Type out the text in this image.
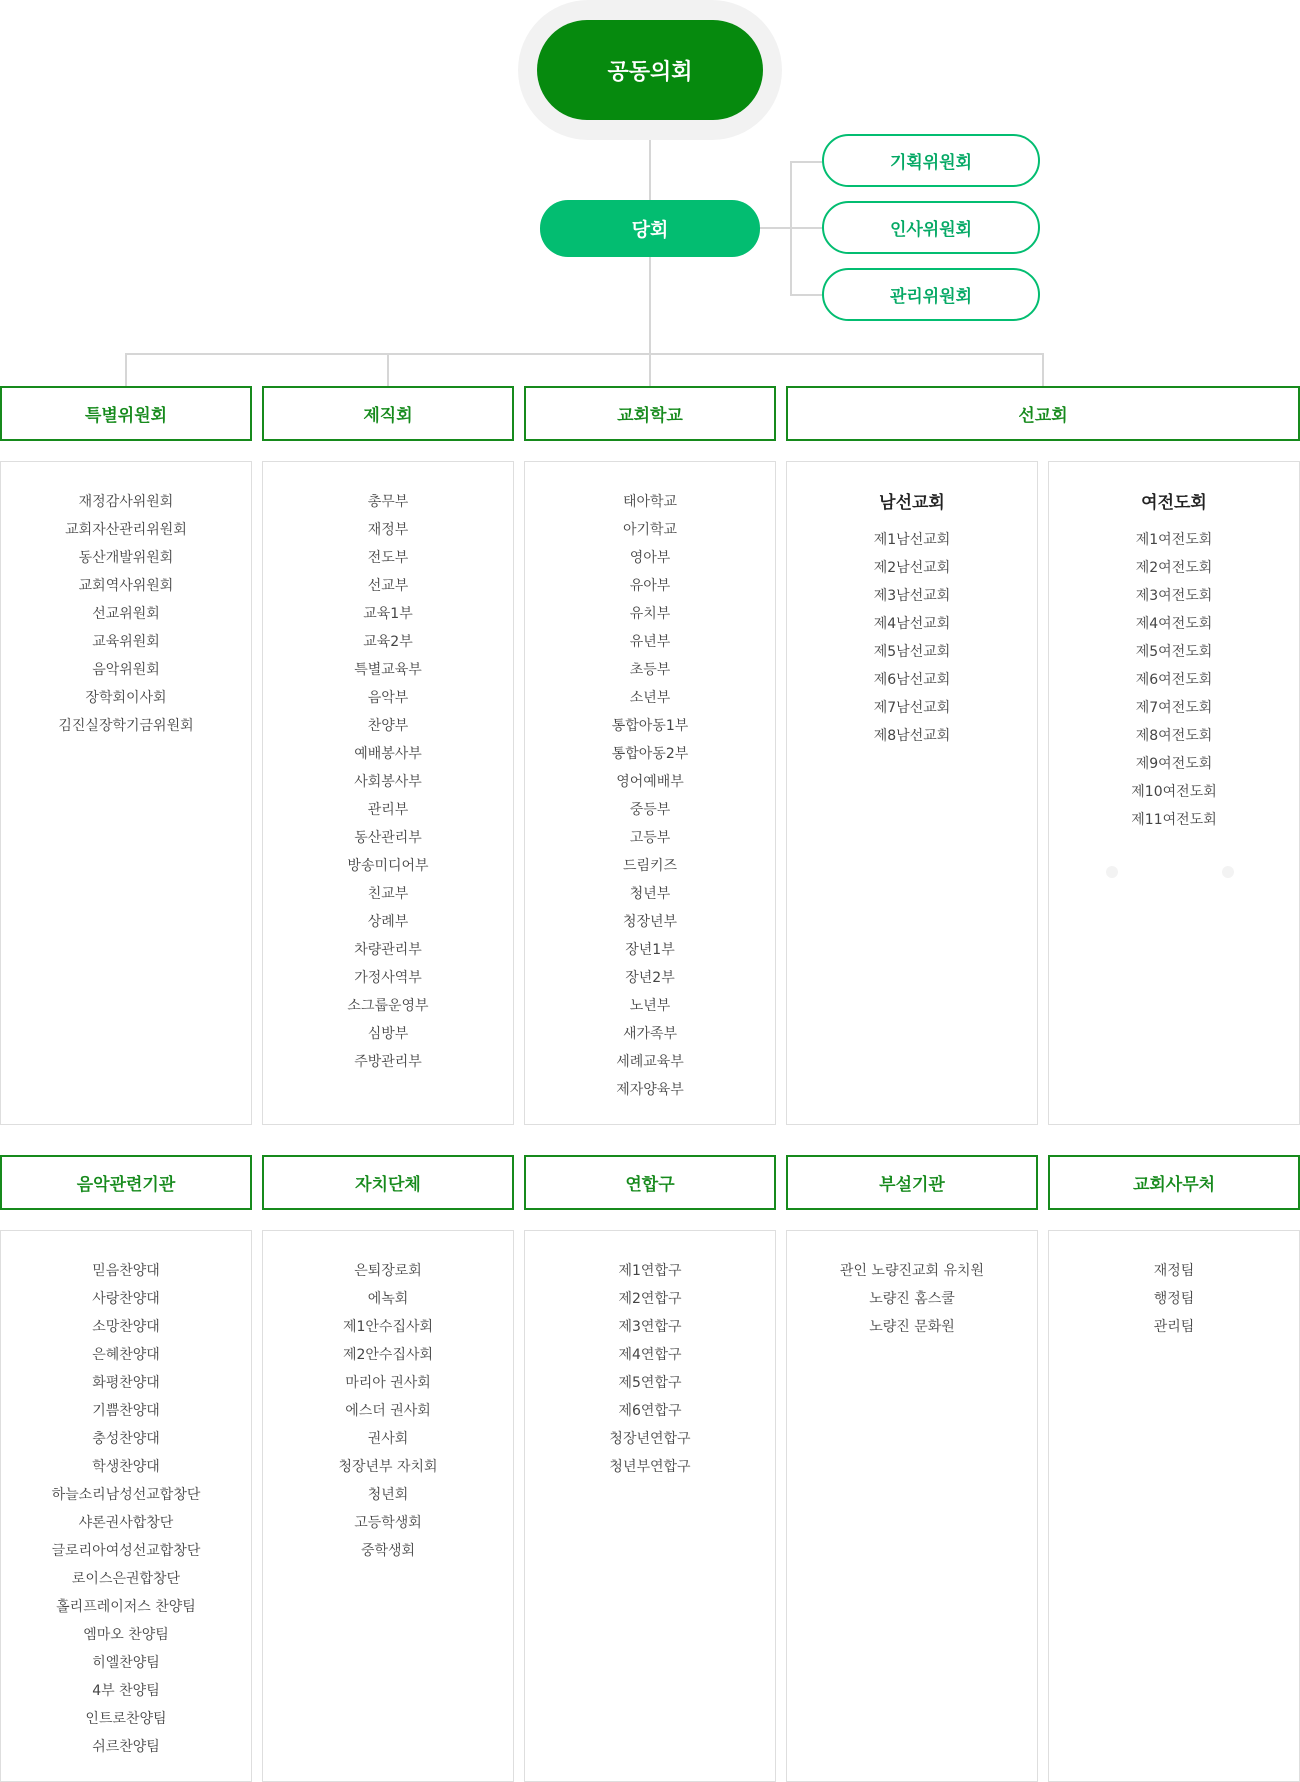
공동의회
당회
기획위원회
인사위원회
관리위원회
특별위원회	제직회	교회학교	선교회
재정감사위원회
교회자산관리위원회
동산개발위원회
교회역사위원회
선교위원회
교육위원회
음악위원회
장학회이사회
김진실장학기금위원회
총무부
재정부
전도부
선교부
교육1부
교육2부
특별교육부
음악부
찬양부
예배봉사부
사회봉사부
관리부
동산관리부
방송미디어부
친교부
상례부
차량관리부
가정사역부
소그룹운영부
심방부
주방관리부
태아학교
아기학교
영아부
유아부
유치부
유년부
초등부
소년부
통합아동1부
통합아동2부
영어예배부
중등부
고등부
드림키즈
청년부
청장년부
장년1부
장년2부
노년부
새가족부
세례교육부
제자양육부
남선교회
제1남선교회
제2남선교회
제3남선교회
제4남선교회
제5남선교회
제6남선교회
제7남선교회
제8남선교회
여전도회
제1여전도회
제2여전도회
제3여전도회
제4여전도회
제5여전도회
제6여전도회
제7여전도회
제8여전도회
제9여전도회
제10여전도회
제11여전도회
음악관련기관	자치단체	연합구	부설기관	교회사무처
믿음찬양대
사랑찬양대
소망찬양대
은혜찬양대
화평찬양대
기쁨찬양대
충성찬양대
학생찬양대
하늘소리남성선교합창단
샤론권사합창단
글로리아여성선교합창단
로이스은권합창단
홀리프레이저스 찬양팀
엠마오 찬양팀
히엘찬양팀
4부 찬양팀
인트로찬양팀
쉬르찬양팀
은퇴장로회
에녹회
제1안수집사회
제2안수집사회
마리아 권사회
에스더 권사회
권사회
청장년부 자치회
청년회
고등학생회
중학생회
제1연합구
제2연합구
제3연합구
제4연합구
제5연합구
제6연합구
청장년연합구
청년부연합구
관인 노량진교회 유치원
노량진 홈스쿨
노량진 문화원
재정팀
행정팀
관리팀
